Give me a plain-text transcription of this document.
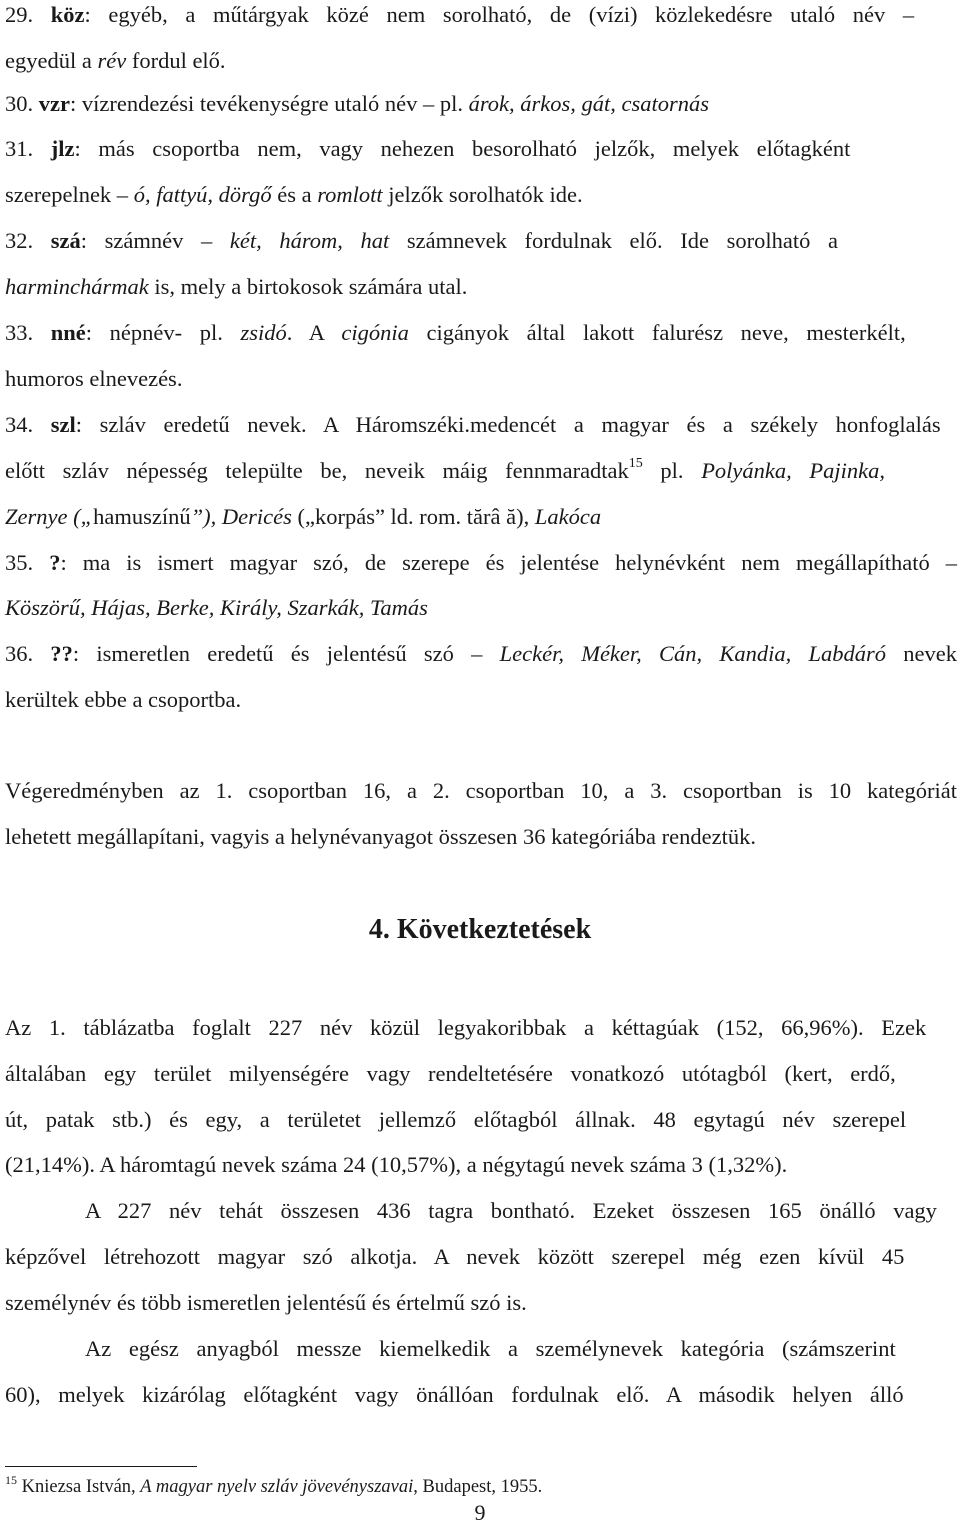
29. köz: egyéb, a műtárgyak közé nem sorolható, de (vízi) közlekedésre utaló név –
egyedül a rév fordul elő.
30. vzr: vízrendezési tevékenységre utaló név – pl. árok, árkos, gát, csatornás
31. jlz: más csoportba nem, vagy nehezen besorolható jelzők, melyek előtagként
szerepelnek – ó, fattyú, dörgő és a romlott jelzők sorolhatók ide.
32. szá: számnév – két, három, hat számnevek fordulnak elő. Ide sorolható a
harminchármak is, mely a birtokosok számára utal.
33. nné: népnév- pl. zsidó. A cigónia cigányok által lakott falurész neve, mesterkélt,
humoros elnevezés.
34. szl: szláv eredetű nevek. A Háromszéki.medencét a magyar és a székely honfoglalás
előtt szláv népesség települte be, neveik máig fennmaradtak$^{15}$ pl. Polyánka, Pajinka,
Zernye („hamuszínű”), Dericés („korpás” ld. rom. tărâ ă), Lakóca
35. ?: ma is ismert magyar szó, de szerepe és jelentése helynévként nem megállapítható –
Köszörű, Hájas, Berke, Király, Szarkák, Tamás
36. ??: ismeretlen eredetű és jelentésű szó – Leckér, Méker, Cán, Kandia, Labdáró nevek
kerültek ebbe a csoportba.
Végeredményben az 1. csoportban 16, a 2. csoportban 10, a 3. csoportban is 10 kategóriát
lehetett megállapítani, vagyis a helynévanyagot összesen 36 kategóriába rendeztük.
4. Következtetések
Az 1. táblázatba foglalt 227 név közül legyakoribbak a kéttagúak (152, 66,96%). Ezek
általában egy terület milyenségére vagy rendeltetésére vonatkozó utótagból (kert, erdő,
út, patak stb.) és egy, a területet jellemző előtagból állnak. 48 egytagú név szerepel
(21,14%). A háromtagú nevek száma 24 (10,57%), a négytagú nevek száma 3 (1,32%).
A 227 név tehát összesen 436 tagra bontható. Ezeket összesen 165 önálló vagy
képzővel létrehozott magyar szó alkotja. A nevek között szerepel még ezen kívül 45
személynév és több ismeretlen jelentésű és értelmű szó is.
Az egész anyagból messze kiemelkedik a személynevek kategória (számszerint
60), melyek kizárólag előtagként vagy önállóan fordulnak elő. A második helyen álló
$^{15}$ Kniezsa István, A magyar nyelv szláv jövevényszavai, Budapest, 1955.
9
